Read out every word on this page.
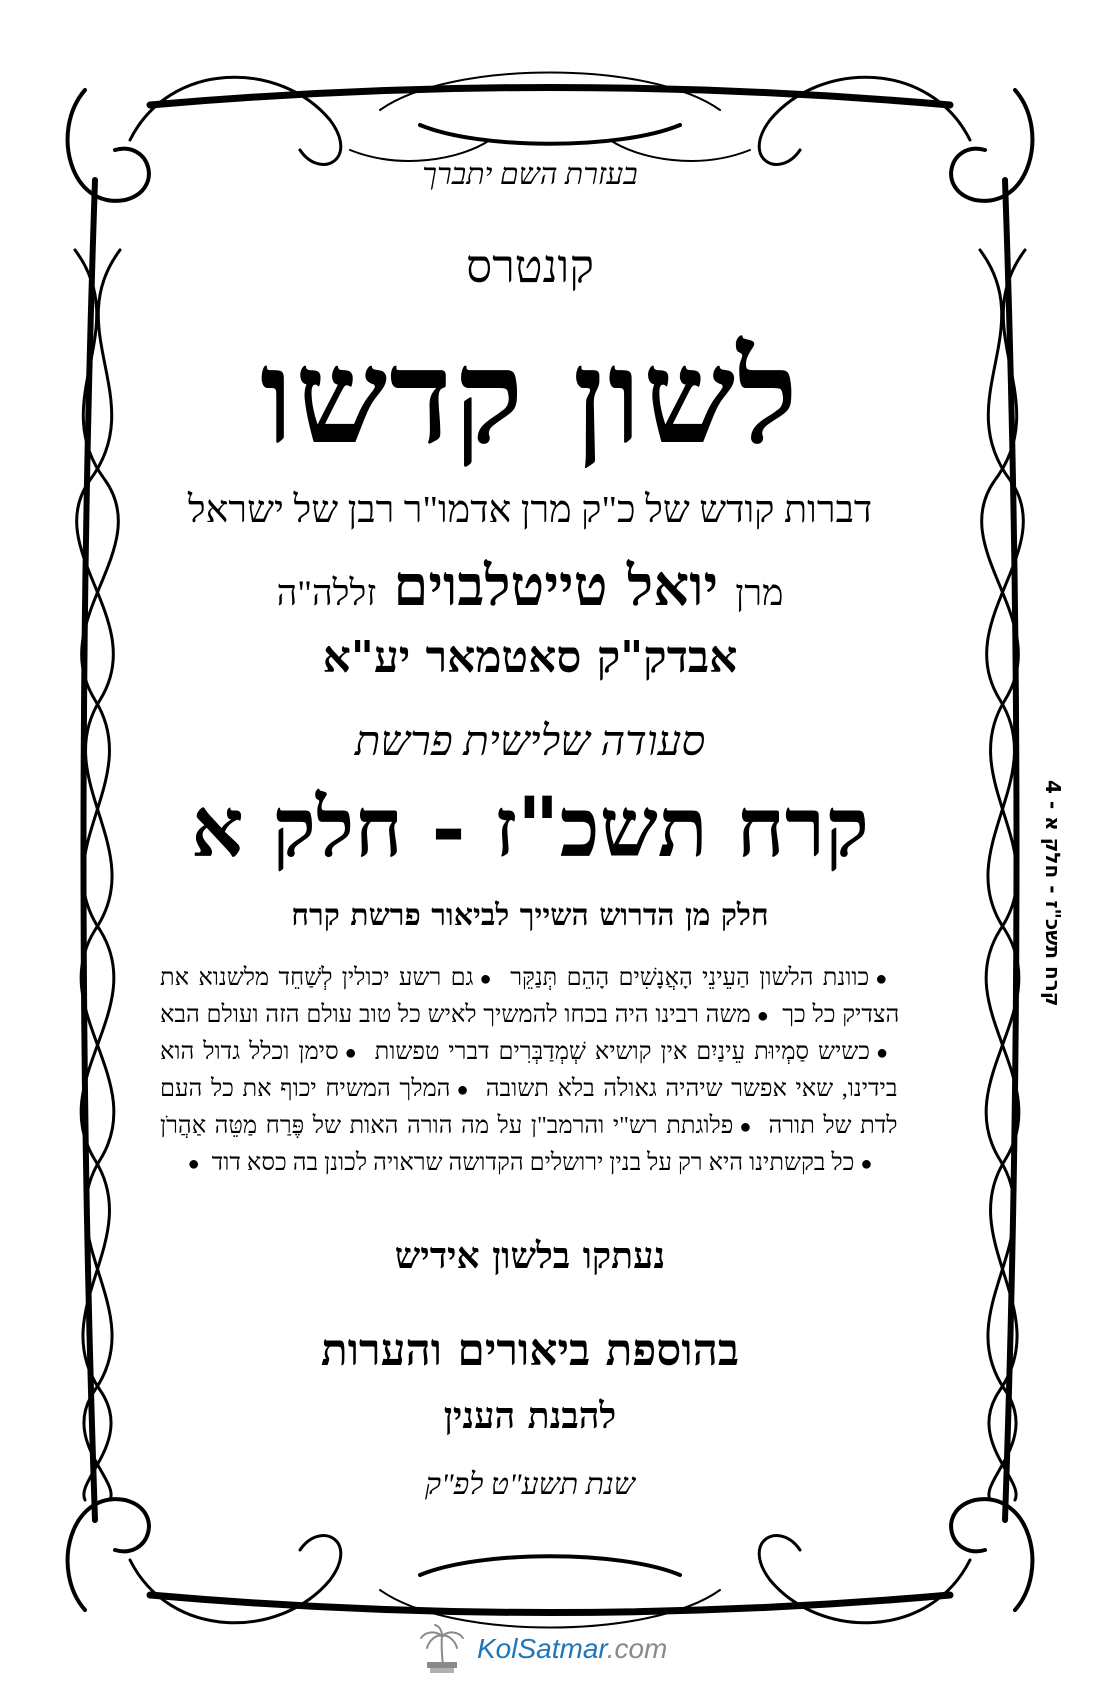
בעזרת השם יתברך
קונטרס
לשון קדשו
דברות קודש של כ"ק מרן אדמו"ר רבן של ישראל
מרן יואל טייטלבוים זללה"ה
אבדק"ק סאטמאר יע"א
סעודה שלישית פרשת
קרח תשכ"ז - חלק א
חלק מן הדרוש השייך לביאור פרשת קרח
●כוונת הלשון הַעֵינֵי הָאֲנָשִׁים הָהֵם תְּנַקֵּר ●גם רשע יכולין לְשַׁחֵד מלשנוא את הצדיק כל כך ●משה רבינו היה בכחו להמשיך לאיש כל טוב עולם הזה ועולם הבא ●כשיש סַמְיוּת עֵינַיִם אין קושיא שְׁמְדַבְּרִים דברי טפשות ●סימן וכלל גדול הוא בידינו, שאי אפשר שיהיה גאולה בלא תשובה ●המלך המשיח יכוף את כל העם לדת של תורה ●פלוגתת רש"י והרמב"ן על מה הורה האות של פֶּרַח מַטֵּה אַהֲרֹן ●כל בקשתינו היא רק על בנין ירושלים הקדושה שראויה לכונן בה כסא דוד ●
נעתקו בלשון אידיש
בהוספת ביאורים והערות
להבנת הענין
שנת תשע"ט לפ"ק
קרח תשכ"ז - חלק א - 4
KolSatmar.com
